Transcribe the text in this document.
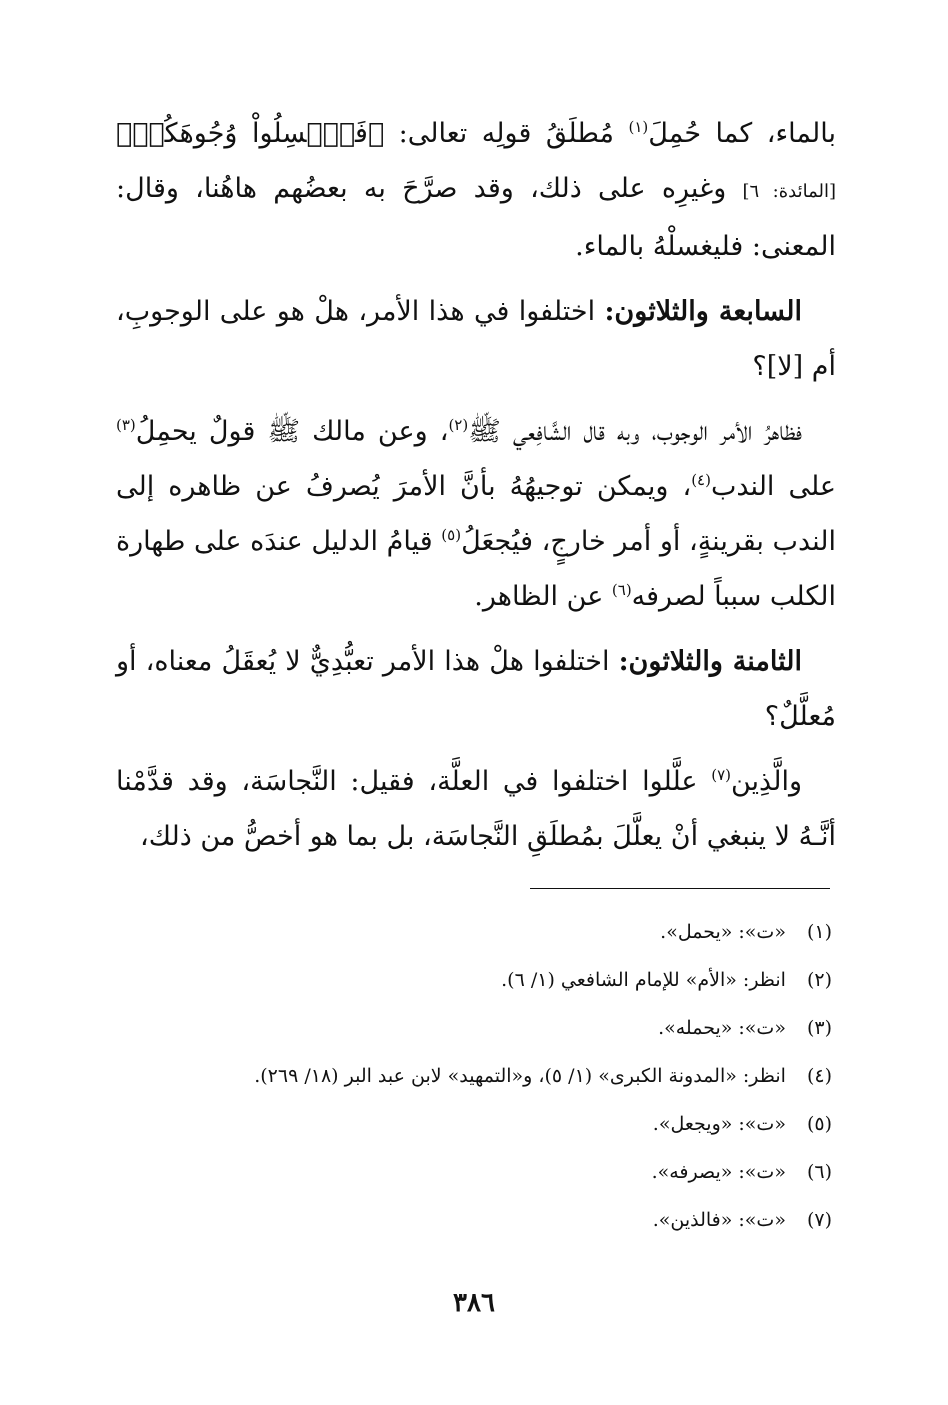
بالماء، كما حُمِلَ$^{(١)}$ مُطلَقُ قولِه تعالى: ﴿فَٱغۡسِلُواْ وُجُوهَكُمۡ﴾[المائدة: ٦] وغيرِه على ذلك، وقد صرَّحَ به بعضُهم هاهُنا، وقال: المعنى: فليغسلْهُ بالماء.

السابعة والثلاثون: اختلفوا في هذا الأمر، هلْ هو على الوجوبِ، أم [لا]؟

فظاهرُ الأمر الوجوب، وبه قال الشَّافِعي ﷺ$^{(٢)}$، وعن مالك ﷺ قولٌ يحمِلُ$^{(٣)}$ على الندب$^{(٤)}$، ويمكن توجيهُهُ بأنَّ الأمرَ يُصرفُ عن ظاهره إلى الندب بقرينةٍ، أو أمر خارجٍ، فيُجعَلُ$^{(٥)}$ قيامُ الدليل عندَه على طهارة الكلب سبباً لصرفه$^{(٦)}$ عن الظاهر.

الثامنة والثلاثون: اختلفوا هلْ هذا الأمر تعبُّدِيٌّ لا يُعقَلُ معناه، أو مُعلَّلٌ؟

والَّذِين$^{(٧)}$ علَّلوا اختلفوا في العلَّة، فقيل: النَّجاسَة، وقد قدَّمْنا أنَّـهُ لا ينبغي أنْ يعلَّلَ بمُطلَقِ النَّجاسَة، بل بما هو أخصُّ من ذلك،

(١) «ت»: «يحمل».
(٢) انظر: «الأم» للإمام الشافعي (١/ ٦).
(٣) «ت»: «يحمله».
(٤) انظر: «المدونة الكبرى» (١/ ٥)، و«التمهيد» لابن عبد البر (١٨/ ٢٦٩).
(٥) «ت»: «ويجعل».
(٦) «ت»: «يصرفه».
(٧) «ت»: «فالذين».
٣٨٦
